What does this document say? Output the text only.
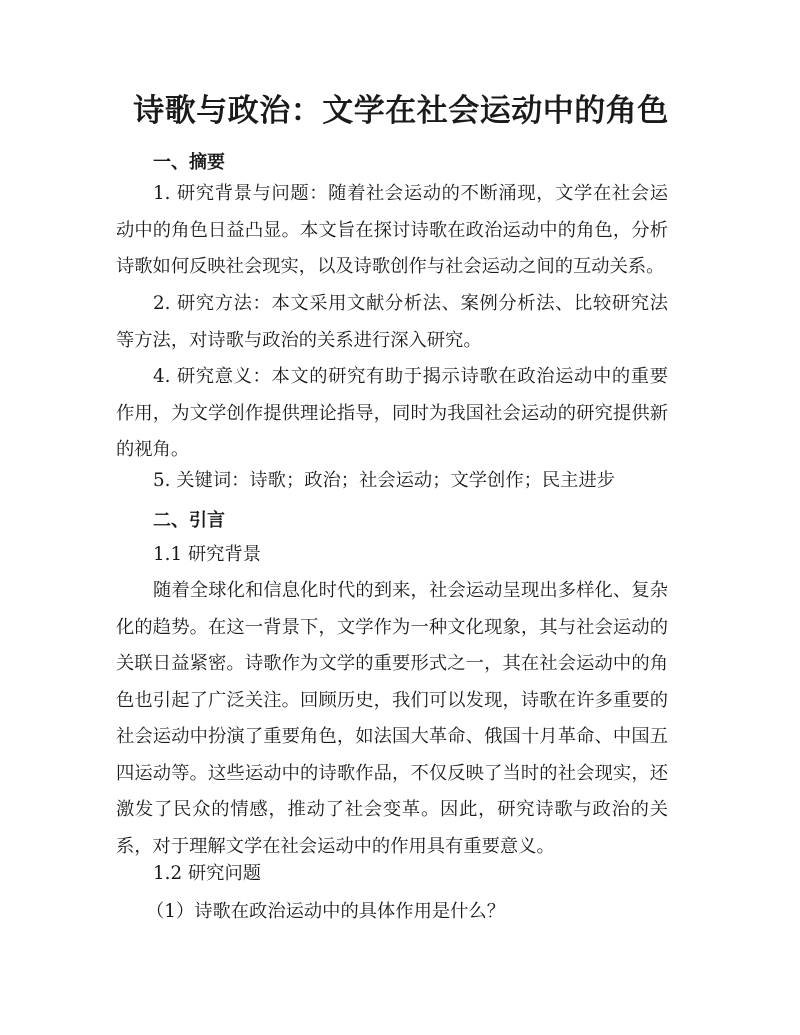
诗歌与政治：文学在社会运动中的角色
一、摘要

1. 研究背景与问题：随着社会运动的不断涌现，文学在社会运动中的角色日益凸显。本文旨在探讨诗歌在政治运动中的角色，分析诗歌如何反映社会现实，以及诗歌创作与社会运动之间的互动关系。

2. 研究方法：本文采用文献分析法、案例分析法、比较研究法等方法，对诗歌与政治的关系进行深入研究。

4. 研究意义：本文的研究有助于揭示诗歌在政治运动中的重要作用，为文学创作提供理论指导，同时为我国社会运动的研究提供新的视角。

5. 关键词：诗歌；政治；社会运动；文学创作；民主进步
二、引言
1.1 研究背景

随着全球化和信息化时代的到来，社会运动呈现出多样化、复杂化的趋势。在这一背景下，文学作为一种文化现象，其与社会运动的关联日益紧密。诗歌作为文学的重要形式之一，其在社会运动中的角色也引起了广泛关注。回顾历史，我们可以发现，诗歌在许多重要的社会运动中扮演了重要角色，如法国大革命、俄国十月革命、中国五四运动等。这些运动中的诗歌作品，不仅反映了当时的社会现实，还激发了民众的情感，推动了社会变革。因此，研究诗歌与政治的关系，对于理解文学在社会运动中的作用具有重要意义。

1.2 研究问题
（1）诗歌在政治运动中的具体作用是什么？
